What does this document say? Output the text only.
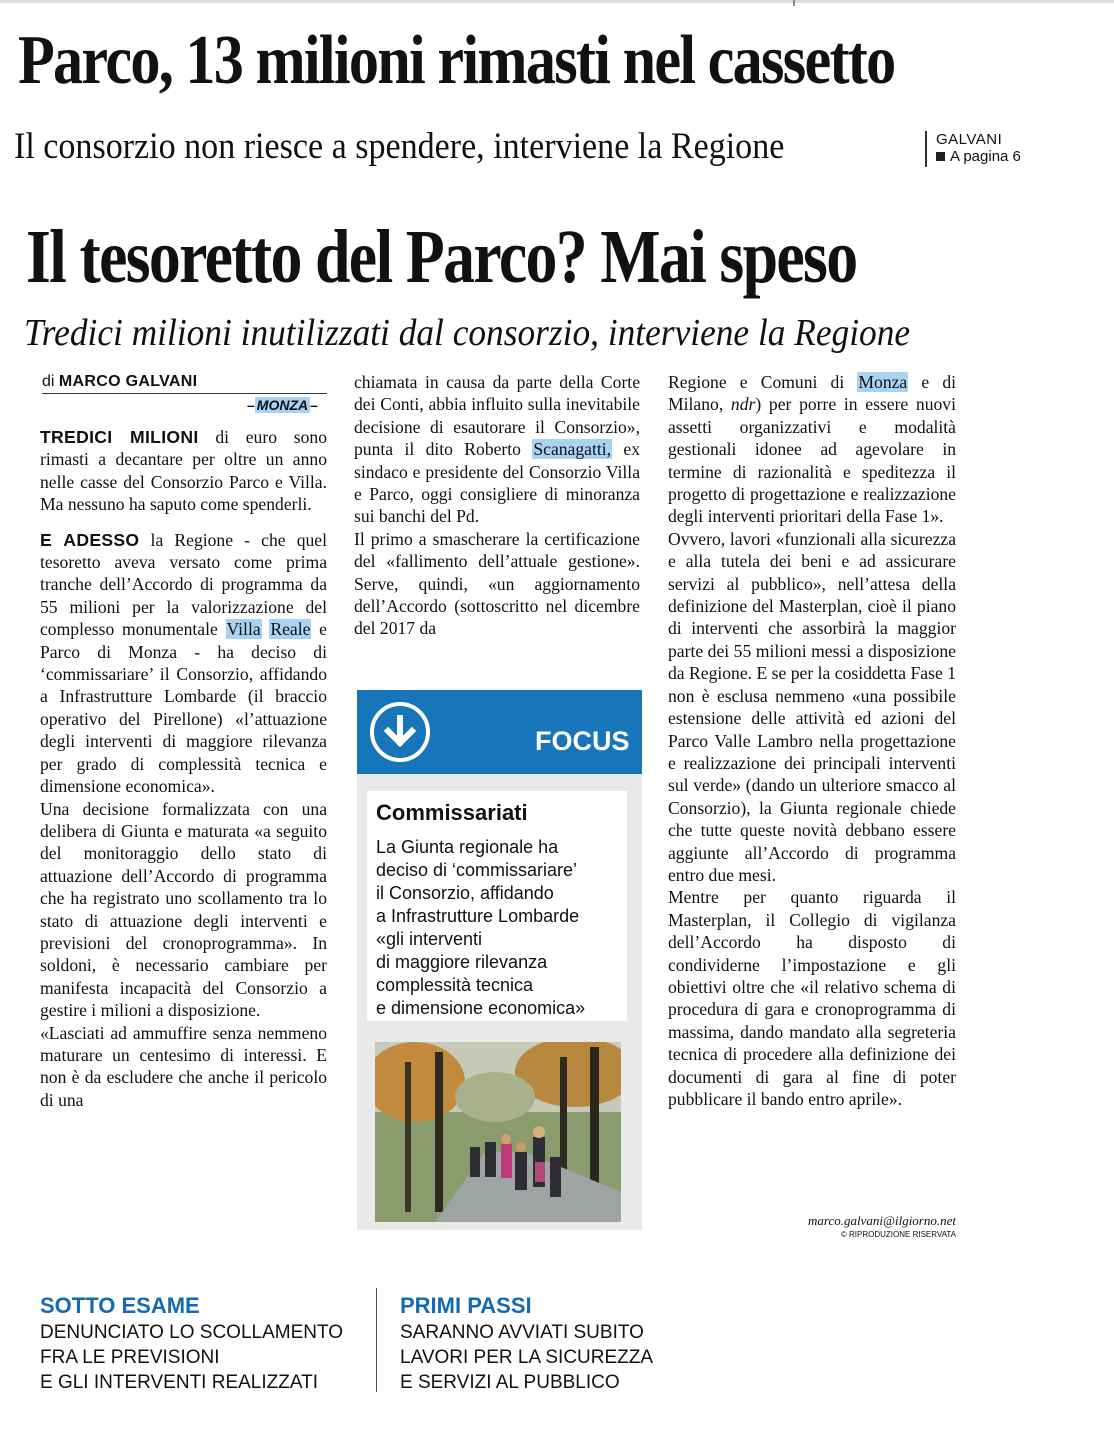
Parco, 13 milioni rimasti nel cassetto
Il consorzio non riesce a spendere, interviene la Regione	GALVANI
A pagina 6
Il tesoretto del Parco? Mai speso
Tredici milioni inutilizzati dal consorzio, interviene la Regione
di MARCO GALVANI
– MONZA –

TREDICI MILIONI di euro sono rimasti a decantare per oltre un anno nelle casse del Consorzio Parco e Villa. Ma nessuno ha saputo come spenderli.

E ADESSO la Regione - che quel tesoretto aveva versato come prima tranche dell’Accordo di programma da 55 milioni per la valorizzazione del complesso monumentale Villa Reale e Parco di Monza - ha deciso di ‘commissariare’ il Consorzio, affidando a Infrastrutture Lombarde (il braccio operativo del Pirellone) «l’attuazione degli interventi di maggiore rilevanza per grado di complessità tecnica e dimensione economica».

Una decisione formalizzata con una delibera di Giunta e maturata «a seguito del monitoraggio dello stato di attuazione dell’Accordo di programma che ha registrato uno scollamento tra lo stato di attuazione degli interventi e previsioni del cronoprogramma». In soldoni, è necessario cambiare per manifesta incapacità del Consorzio a gestire i milioni a disposizione.

«Lasciati ad ammuffire senza nemmeno maturare un centesimo di interessi. E non è da escludere che anche il pericolo di una

chiamata in causa da parte della Corte dei Conti, abbia influito sulla inevitabile decisione di esautorare il Consorzio», punta il dito Roberto Scanagatti, ex sindaco e presidente del Consorzio Villa e Parco, oggi consigliere di minoranza sui banchi del Pd.

Il primo a smascherare la certificazione del «fallimento dell’attuale gestione». Serve, quindi, «un aggiornamento dell’Accordo (sottoscritto nel dicembre del 2017 da

FOCUS
Commissariati
La Giunta regionale ha
deciso di ‘commissariare’
il Consorzio, affidando
a Infrastrutture Lombarde
«gli interventi
di maggiore rilevanza
complessità tecnica
e dimensione economica»

Regione e Comuni di Monza e di Milano, ndr) per porre in essere nuovi assetti organizzativi e modalità gestionali idonee ad agevolare in termine di razionalità e speditezza il progetto di progettazione e realizzazione degli interventi prioritari della Fase 1».

Ovvero, lavori «funzionali alla sicurezza e alla tutela dei beni e ad assicurare servizi al pubblico», nell’attesa della definizione del Masterplan, cioè il piano di interventi che assorbirà la maggior parte dei 55 milioni messi a disposizione da Regione. E se per la cosiddetta Fase 1 non è esclusa nemmeno «una possibile estensione delle attività ed azioni del Parco Valle Lambro nella progettazione e realizzazione dei principali interventi sul verde» (dando un ulteriore smacco al Consorzio), la Giunta regionale chiede che tutte queste novità debbano essere aggiunte all’Accordo di programma entro due mesi.

Mentre per quanto riguarda il Masterplan, il Collegio di vigilanza dell’Accordo ha disposto di condividerne l’impostazione e gli obiettivi oltre che «il relativo schema di procedura di gara e cronoprogramma di massima, dando mandato alla segreteria tecnica di procedere alla definizione dei documenti di gara al fine di poter pubblicare il bando entro aprile».

marco.galvani@ilgiorno.net
© RIPRODUZIONE RISERVATA
SOTTO ESAME
DENUNCIATO LO SCOLLAMENTO
FRA LE PREVISIONI
E GLI INTERVENTI REALIZZATI
PRIMI PASSI
SARANNO AVVIATI SUBITO
LAVORI PER LA SICUREZZA
E SERVIZI AL PUBBLICO
